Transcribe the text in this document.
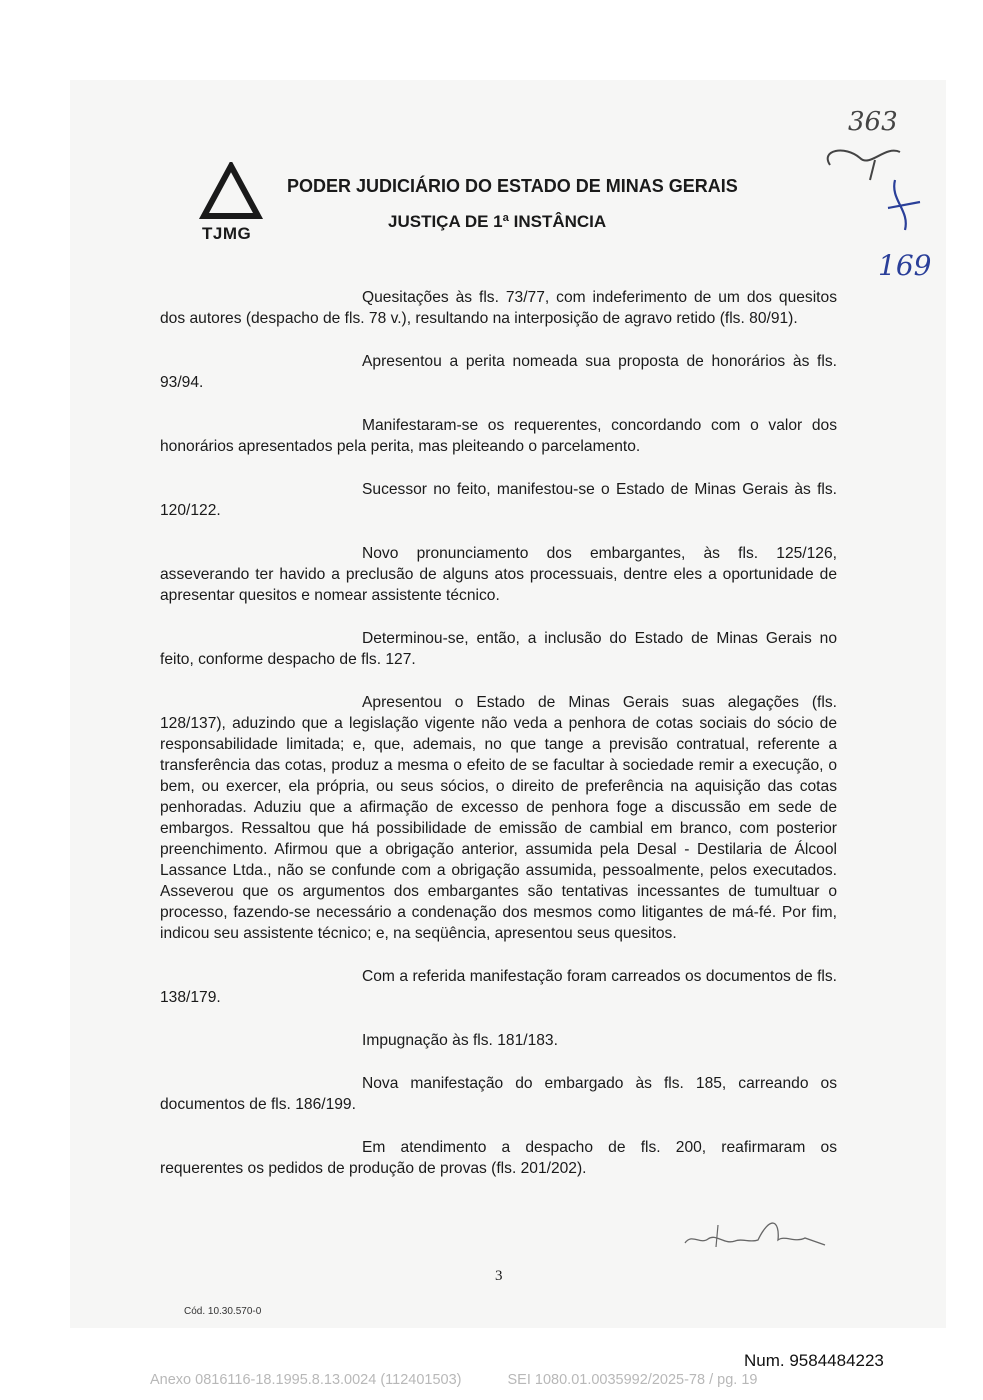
TJMG
PODER JUDICIÁRIO DO ESTADO DE MINAS GERAIS
JUSTIÇA DE 1ª INSTÂNCIA
363
169

Quesitações às fls. 73/77, com indeferimento de um dos quesitos dos autores (despacho de fls. 78 v.), resultando na interposição de agravo retido (fls. 80/91).

Apresentou a perita nomeada sua proposta de honorários às fls. 93/94.

Manifestaram-se os requerentes, concordando com o valor dos honorários apresentados pela perita, mas pleiteando o parcelamento.

Sucessor no feito, manifestou-se o Estado de Minas Gerais às fls. 120/122.

Novo pronunciamento dos embargantes, às fls. 125/126, asseverando ter havido a preclusão de alguns atos processuais, dentre eles a oportunidade de apresentar quesitos e nomear assistente técnico.

Determinou-se, então, a inclusão do Estado de Minas Gerais no feito, conforme despacho de fls. 127.

Apresentou o Estado de Minas Gerais suas alegações (fls. 128/137), aduzindo que a legislação vigente não veda a penhora de cotas sociais do sócio de responsabilidade limitada; e, que, ademais, no que tange a previsão contratual, referente a transferência das cotas, produz a mesma o efeito de se facultar à sociedade remir a execução, o bem, ou exercer, ela própria, ou seus sócios, o direito de preferência na aquisição das cotas penhoradas. Aduziu que a afirmação de excesso de penhora foge a discussão em sede de embargos. Ressaltou que há possibilidade de emissão de cambial em branco, com posterior preenchimento. Afirmou que a obrigação anterior, assumida pela Desal - Destilaria de Álcool Lassance Ltda., não se confunde com a obrigação assumida, pessoalmente, pelos executados. Asseverou que os argumentos dos embargantes são tentativas incessantes de tumultuar o processo, fazendo-se necessário a condenação dos mesmos como litigantes de má-fé. Por fim, indicou seu assistente técnico; e, na seqüência, apresentou seus quesitos.

Com a referida manifestação foram carreados os documentos de fls. 138/179.

Impugnação às fls. 181/183.

Nova manifestação do embargado às fls. 185, carreando os documentos de fls. 186/199.

Em atendimento a despacho de fls. 200, reafirmaram os requerentes os pedidos de produção de provas (fls. 201/202).

3
Cód. 10.30.570-0
Num. 9584484223
Anexo 0816116-18.1995.8.13.0024 (112401503)	SEI 1080.01.0035992/2025-78 / pg. 19
